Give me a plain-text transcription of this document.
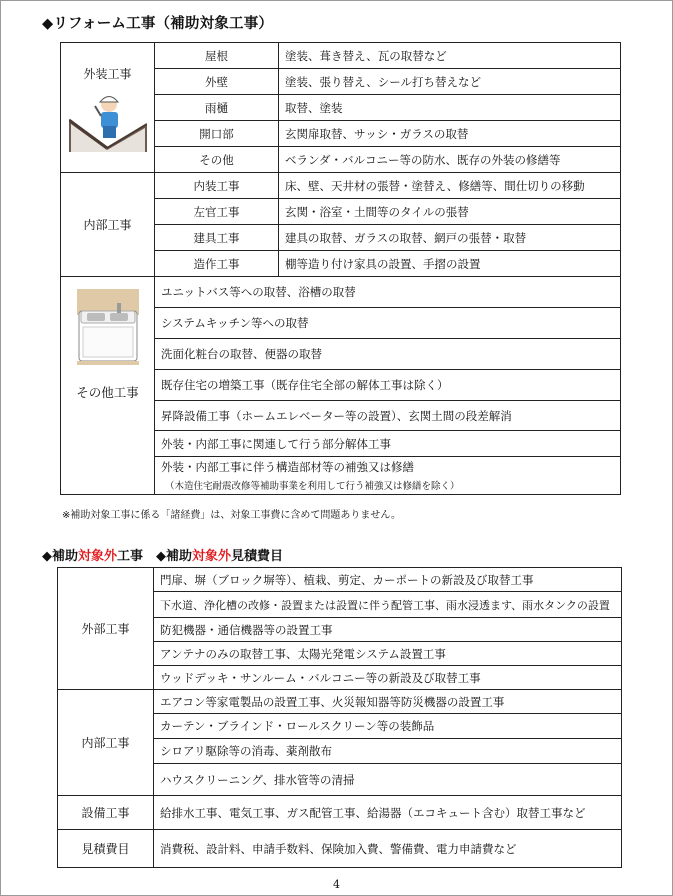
◆リフォーム工事（補助対象工事）
外装工事	屋根	塗装、葺き替え、瓦の取替など
	外壁	塗装、張り替え、シール打ち替えなど
	雨樋	取替、塗装
	開口部	玄関扉取替、サッシ・ガラスの取替
	その他	ベランダ・バルコニー等の防水、既存の外装の修繕等
内部工事	内装工事	床、壁、天井材の張替・塗替え、修繕等、間仕切りの移動
	左官工事	玄関・浴室・土間等のタイルの張替
	建具工事	建具の取替、ガラスの取替、網戸の張替・取替
	造作工事	棚等造り付け家具の設置、手摺の設置

その他工事	ユニットバス等への取替、浴槽の取替	
	システムキッチン等への取替	
	洗面化粧台の取替、便器の取替	
	既存住宅の増築工事（既存住宅全部の解体工事は除く）	
	昇降設備工事（ホームエレベーター等の設置）、玄関土間の段差解消	
	外装・内部工事に関連して行う部分解体工事	

	外装・内部工事に伴う構造部材等の補強又は修繕
（木造住宅耐震改修等補助事業を利用して行う補強又は修繕を除く）	
※補助対象工事に係る「諸経費」は、対象工事費に含めて問題ありません。
◆補助対象外工事　◆補助対象外見積費目
外部工事	門扉、塀（ブロック塀等）、植栽、剪定、カーポートの新設及び取替工事
	下水道、浄化槽の改修・設置または設置に伴う配管工事、雨水浸透ます、雨水タンクの設置
	防犯機器・通信機器等の設置工事
	アンテナのみの取替工事、太陽光発電システム設置工事
	ウッドデッキ・サンルーム・バルコニー等の新設及び取替工事
内部工事	エアコン等家電製品の設置工事、火災報知器等防災機器の設置工事
	カーテン・ブラインド・ロールスクリーン等の装飾品
	シロアリ駆除等の消毒、薬剤散布
	ハウスクリーニング、排水管等の清掃
設備工事	給排水工事、電気工事、ガス配管工事、給湯器（エコキュート含む）取替工事など
見積費目	消費税、設計料、申請手数料、保険加入費、警備費、電力申請費など
4
